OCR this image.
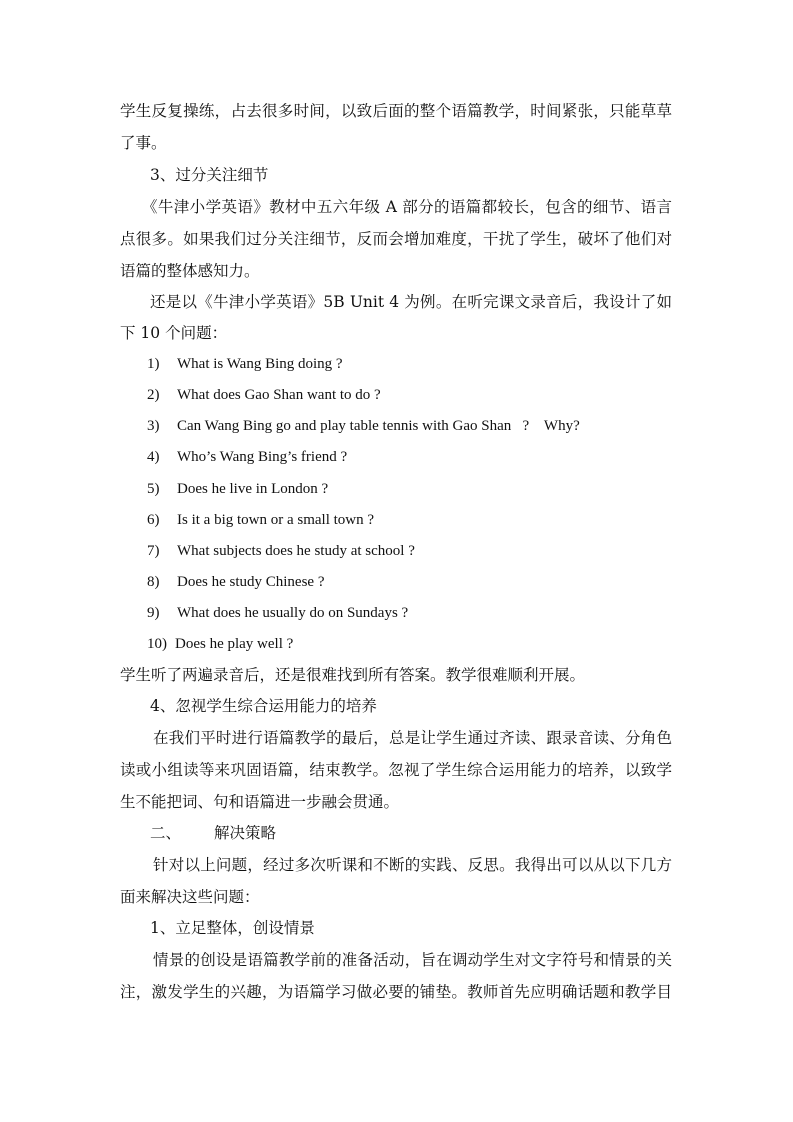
学生反复操练，占去很多时间，以致后面的整个语篇教学，时间紧张，只能草草
了事。
3、过分关注细节
《牛津小学英语》教材中五六年级 A 部分的语篇都较长，包含的细节、语言
点很多。如果我们过分关注细节，反而会增加难度，干扰了学生，破坏了他们对
语篇的整体感知力。
还是以《牛津小学英语》5B Unit 4 为例。在听完课文录音后，我设计了如
下 10 个问题：
1) What is Wang Bing doing ?
2) What does Gao Shan want to do ?
3) Can Wang Bing go and play table tennis with Gao Shan   ?    Why?
4) Who’s Wang Bing’s friend ?
5) Does he live in London ?
6) Is it a big town or a small town ?
7) What subjects does he study at school ?
8) Does he study Chinese ?
9) What does he usually do on Sundays ?
10) Does he play well ?
学生听了两遍录音后，还是很难找到所有答案。教学很难顺利开展。
4、忽视学生综合运用能力的培养
在我们平时进行语篇教学的最后，总是让学生通过齐读、跟录音读、分角色
读或小组读等来巩固语篇，结束教学。忽视了学生综合运用能力的培养，以致学
生不能把词、句和语篇进一步融会贯通。
二、 解决策略
针对以上问题，经过多次听课和不断的实践、反思。我得出可以从以下几方
面来解决这些问题：
1、立足整体，创设情景
情景的创设是语篇教学前的准备活动，旨在调动学生对文字符号和情景的关
注，激发学生的兴趣，为语篇学习做必要的铺垫。教师首先应明确话题和教学目
